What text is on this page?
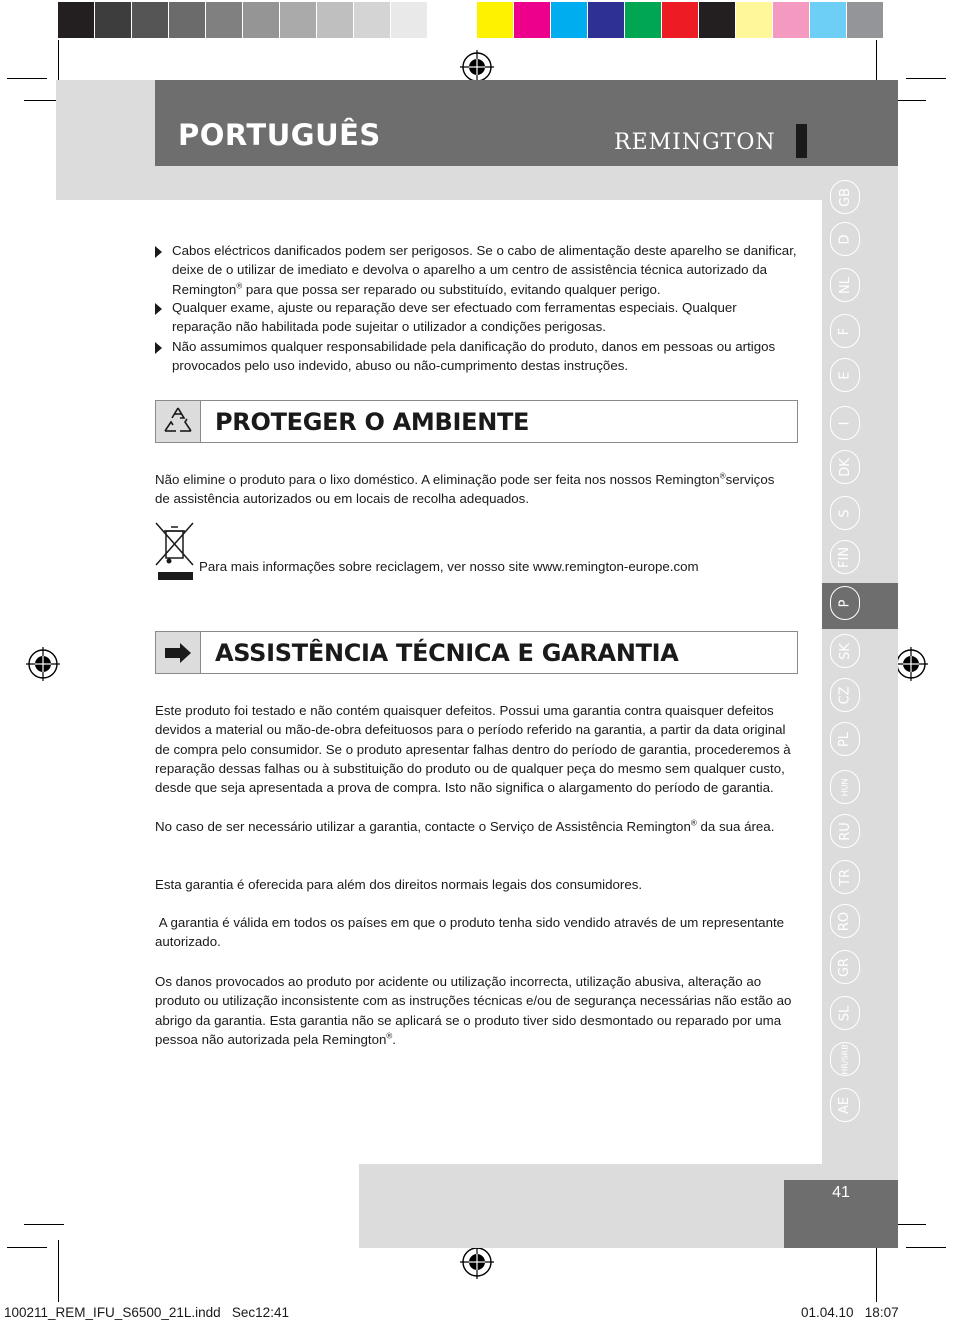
PORTUGUÊS	REMINGTON
GB
D
NL
F
E
I
DK
S
FIN
P
SK
CZ
PL
HUN
RU
TR
RO
GR
SL
HR/SRB
AE
Cabos eléctricos danificados podem ser perigosos. Se o cabo de alimentação deste aparelho se danificar, deixe de o utilizar de imediato e devolva o aparelho a um centro de assistência técnica autorizado da Remington® para que possa ser reparado ou substituído, evitando qualquer perigo.
Qualquer exame, ajuste ou reparação deve ser efectuado com ferramentas especiais. Qualquer reparação não habilitada pode sujeitar o utilizador a condições perigosas.
Não assumimos qualquer responsabilidade pela danificação do produto, danos em pessoas ou artigos provocados pelo uso indevido, abuso ou não-cumprimento destas instruções.
PROTEGER O AMBIENTE
Não elimine o produto para o lixo doméstico. A eliminação pode ser feita nos nossos Remington®serviços de assistência autorizados ou em locais de recolha adequados.
Para mais informações sobre reciclagem, ver nosso site www.remington-europe.com
ASSISTÊNCIA TÉCNICA E GARANTIA
Este produto foi testado e não contém quaisquer defeitos. Possui uma garantia contra quaisquer defeitos devidos a material ou mão-de-obra defeituosos para o período referido na garantia, a partir da data original de compra pelo consumidor. Se o produto apresentar falhas dentro do período de garantia, procederemos à reparação dessas falhas ou à substituição do produto ou de qualquer peça do mesmo sem qualquer custo, desde que seja apresentada a prova de compra. Isto não significa o alargamento do período de garantia.
No caso de ser necessário utilizar a garantia, contacte o Serviço de Assistência Remington® da sua área.
Esta garantia é oferecida para além dos direitos normais legais dos consumidores.
A garantia é válida em todos os países em que o produto tenha sido vendido através de um representante autorizado.
Os danos provocados ao produto por acidente ou utilização incorrecta, utilização abusiva, alteração ao produto ou utilização inconsistente com as instruções técnicas e/ou de segurança necessárias não estão ao abrigo da garantia. Esta garantia não se aplicará se o produto tiver sido desmontado ou reparado por uma pessoa não autorizada pela Remington®.
41
100211_REM_IFU_S6500_21L.indd   Sec12:41	01.04.10   18:07
